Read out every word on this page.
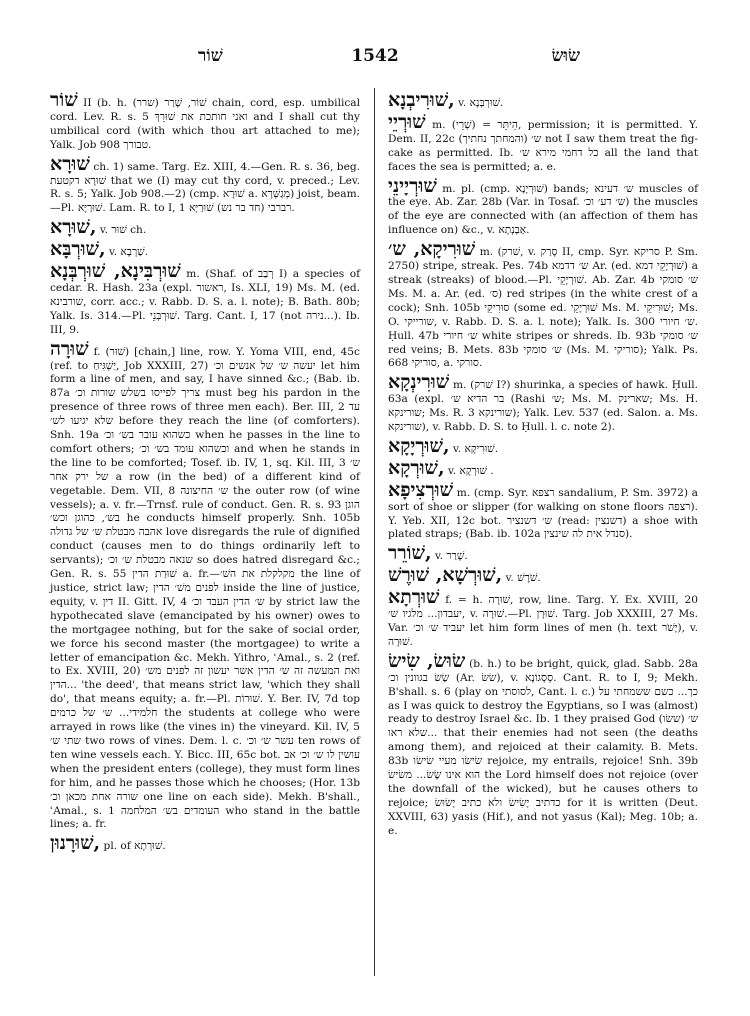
שׁוֹר	1542	שׂוּשׂ

שׁוֹר II (b. h. שׁוֹר, שָׁרַר (שרר) chain, cord, esp. umbilical cord. Lev. R. s. 5 ואני חותכת את שׁוּרֵךְ and I shall cut thy umbilical cord (with which thou art attached to me); Yalk. Job 908 טבורך.

שׁוּרָא ch. 1) same. Targ. Ez. XIII, 4.—Gen. R. s. 36, beg. שׁוּרָא דקטעת that we (I) may cut thy cord, v. preced.; Lev. R. s. 5; Yalk. Job 908.—2) (cmp. שׁוּרָא a. מְגַשְּׁרָא) joist, beam.—Pl. שׁוּרַיָּא. Lam. R. to I, 1 רברבי (חד בר נש) שׁוּרַיָּא.

שׁוּרָא, v. שׁוּר ch.

שׁוּרְבָּא, v. שַׁרְבָא.

שׁוּרְבִּינָא, שׁוּרְבְּנָא m. (Shaf. of רְבַב I) a species of cedar. R. Hash. 23a (expl. ראשור, Is. XLI, 19) Ms. M. (ed. שורבינא, corr. acc.; v. Rabb. D. S. a. l. note); B. Bath. 80b; Yalk. Is. 314.—Pl. שׁוּרְבְּנֵי. Targ. Cant. I, 17 (not נירה...). Ib. III, 9.

שׁוּרָה f. (שׁוּר) [chain,] line, row. Y. Yoma VIII, end, 45c (ref. to יַשְׁגִּיחַ, Job XXXIII, 27) יעשה ש׳ של אנשים וכ׳ let him form a line of men, and say, I have sinned &c.; (Bab. ib. 87a צריך לפייסו בשלש שורות וכ׳ must beg his pardon in the presence of three rows of three men each). Ber. III, 2 עד שלא יגיעו לש׳ before they reach the line (of comforters). Snh. 19a כשהוא עובר בש׳ וכ׳ when he passes in the line to comfort others; וכשהוא עומד בש׳ וכ׳ and when he stands in the line to be comforted; Tosef. ib. IV, 1, sq. Kil. III, 3 ש׳ של ירק אחר a row (in the bed) of a different kind of vegetable. Dem. VII, 8 ש׳ החיצונה the outer row (of wine vessels); a. v. fr.—Trnsf. rule of conduct. Gen. R. s. 93 הוגן בש׳, כהוגן וכש׳ he conducts himself properly. Snh. 105b אהבה מבטלת ש׳ של גדולה love disregards the rule of dignified conduct (causes men to do things ordinarily left to servants); שנאה מבטלת ש׳ וכ׳ so does hatred disregard &c.; Gen. R. s. 55 שׁוּרַת הדין a. fr.—מקלקלת את השׁ׳ the line of justice, strict law; לפנים משׁ׳ הדין inside the line of justice, equity, v. דין II. Gitt. IV, 4 ש׳ הדין העבד וכ׳ by strict law the hypothecated slave (emancipated by his owner) owes to the mortgagee nothing, but for the sake of social order, we force his second master (the mortgagee) to write a letter of emancipation &c. Mekh. Yithro, ʿAmal., s. 2 (ref. to Ex. XVIII, 20) ואת המעשה זה ש׳ הדין אשר יעשון זה לפנים מש׳ הדין... 'the deed', that means strict law, 'which they shall do', that means equity; a. fr.—Pl. שׁוּרוֹת. Y. Ber. IV, 7d top חלמידי... ש׳ של כרמים the students at college who were arrayed in rows like (the vines in) the vineyard. Kil. IV, 5 שתי ש׳ two rows of vines. Dem. l. c. עשר ש׳ וכ׳ ten rows of ten wine vessels each. Y. Bicc. III, 65c bot. עושין לו ש׳ וכ׳ אב when the president enters (college), they must form lines for him, and he passes those which he chooses; (Hor. 13b שורה אחת מכאן וכ׳ one line on each side). Mekh. B'shall., ʿAmal., s. 1 העומדים בש׳ המלחמה who stand in the battle lines; a. fr.

שׁוּרָנוּן, pl. of שׁוּרְתָא.

שׁוּרִיבְנָא, v. שׁוּרְבְּנָא.

שׁוּרְיֵי m. (שְׁרֵי) = הֵיתֵּר, permission; it is permitted. Y. Dem. II, 22c ש׳ (והמחתך נחתיך) not I saw them treat the fig-cake as permitted. Ib. כל דחמי מירא ש׳ all the land that faces the sea is permitted; a. e.

שׁוּרְיָינֵי m. pl. (cmp. שׁוּרְיָנָא) bands; ש׳ דעינא muscles of the eye. Ab. Zar. 28b (Var. in Tosaf. ש׳ דע׳ וכ׳) the muscles of the eye are connected with (an affection of them has influence on) &c., v. אַבְנְתָא.

שׁוּרִיקָא, ש׳ m. (שׁרק, v. סָרַק II, cmp. Syr. סריקא P. Sm. 2750) stripe, streak. Pes. 74b ש׳ דדמא Ar. (ed. שׁוּרְיָקֵי דמא) a streak (streaks) of blood.—Pl. שׁוּרְיָקֵי. Ab. Zar. 4b ש׳ סומקי Ms. M. a. Ar. (ed. ס׳) red stripes (in the white crest of a cock); Snh. 105b סוּרִיקֵי (some ed. שׁוּרְיָקֵי Ms. M. שׁוּרִיקֵי; Ms. O. שורייקי, v. Rabb. D. S. a. l. note); Yalk. Is. 300 ש׳ חיורי. Ḥull. 47b ש׳ חיורי white stripes or shreds. Ib. 93b ש׳ סומקי red veins; B. Mets. 83b ש׳ סומקי (Ms. M. סוריקי); Yalk. Ps. 668 סוריקי, a. סורקי.

שׁוּרִינְקָא m. (שׁרק I?) shurinka, a species of hawk. Ḥull. 63a (expl. בר הדיא ש׳ (Rashi ש׳; Ms. M. שארינק; Ms. H. שורינקא; Ms. R. 3 שורינקא); Yalk. Lev. 537 (ed. Salon. a. Ms. שורינקא), v. Rabb. D. S. to Ḥull. l. c. note 2).

שׁוּרְיָקָא, v. שׁוּרִיקָא.

שׁוּרְקָא, v. שׁוּרְקָא .

שׁוּרְצִיפָא m. (cmp. Syr. רצפא sandalium, P. Sm. 3972) a sort of shoe or slipper (for walking on stone floors רצפה). Y. Yeb. XII, 12c bot. ש׳ דשנציר (read: דשנצין) a shoe with plated straps; (Bab. ib. 102a סנדל אית לה שינצין).

שׁוֹרֵר, v. שָׁרַר.

שׁוּרְשָׁא, שׁוּרֶשׁ, v. שֹׁרֶשׁ.

שׁוּרְתָא f. = h. שׁוּרָה, row, line. Targ. Y. Ex. XVIII, 20 יעבדון... מלגיו ש׳, v. שׁוּרָה.—Pl. שׁוּרָן. Targ. Job XXXIII, 27 Ms. Var. יעביד ש׳ וכ׳ let him form lines of men (h. text יָשֹׁר), v. שׁוּרָה.

שׂוּשׂ, שִׂישׂ (b. h.) to be bright, quick, glad. Sabb. 28a שַׂשׂ בגוונין וכ׳ (Ar. שׂשׂ), v. סְסְגוֹנָא. Cant. R. to I, 9; Mekh. B'shall. s. 6 (play on לסוסתי, Cant. l. c.) כך... כשם ששמחתי על as I was quick to destroy the Egyptians, so I was (almost) ready to destroy Israel &c. Ib. 1 they praised God ש׳ (ששׂו) שלא ראו... that their enemies had not seen (the deaths among them), and rejoiced at their calamity. B. Mets. 83b שׂישׂו מעיי שׂישׂו rejoice, my entrails, rejoice! Snh. 39b הוא אינו שָׂשׂ... משׂישׂ the Lord himself does not rejoice (over the downfall of the wicked), but he causes others to rejoice; כדתיב יָשִׂישׂ ולא כתיב יָשׂוּשׂ for it is written (Deut. XXVIII, 63) yasis (Hif.), and not yasus (Kal); Meg. 10b; a. e.
